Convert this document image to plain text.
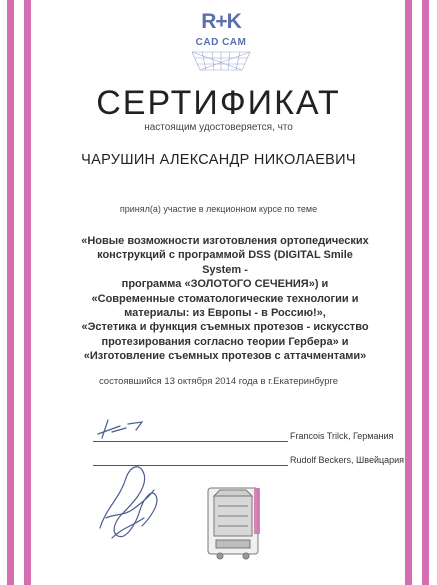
R+K
CAD CAM
СЕРТИФИКАТ
настоящим удостоверяется, что
ЧАРУШИН АЛЕКСАНДР НИКОЛАЕВИЧ
принял(а) участие в лекционном курсе по теме
«Новые возможности изготовления ортопедических
конструкций с программой DSS (DIGITAL Smile System -
программа «ЗОЛОТОГО СЕЧЕНИЯ») и
«Современные стоматологические технологии и
материалы: из Европы - в Россию!»,
«Эстетика и функция съемных протезов - искусство
протезирования согласно теории Гербера» и
«Изготовление съемных протезов с аттачментами»
состоявшийся 13 октября 2014 года в г.Екатеринбурге
Francois Trilck, Германия
Rudolf Beckers, Швейцария
